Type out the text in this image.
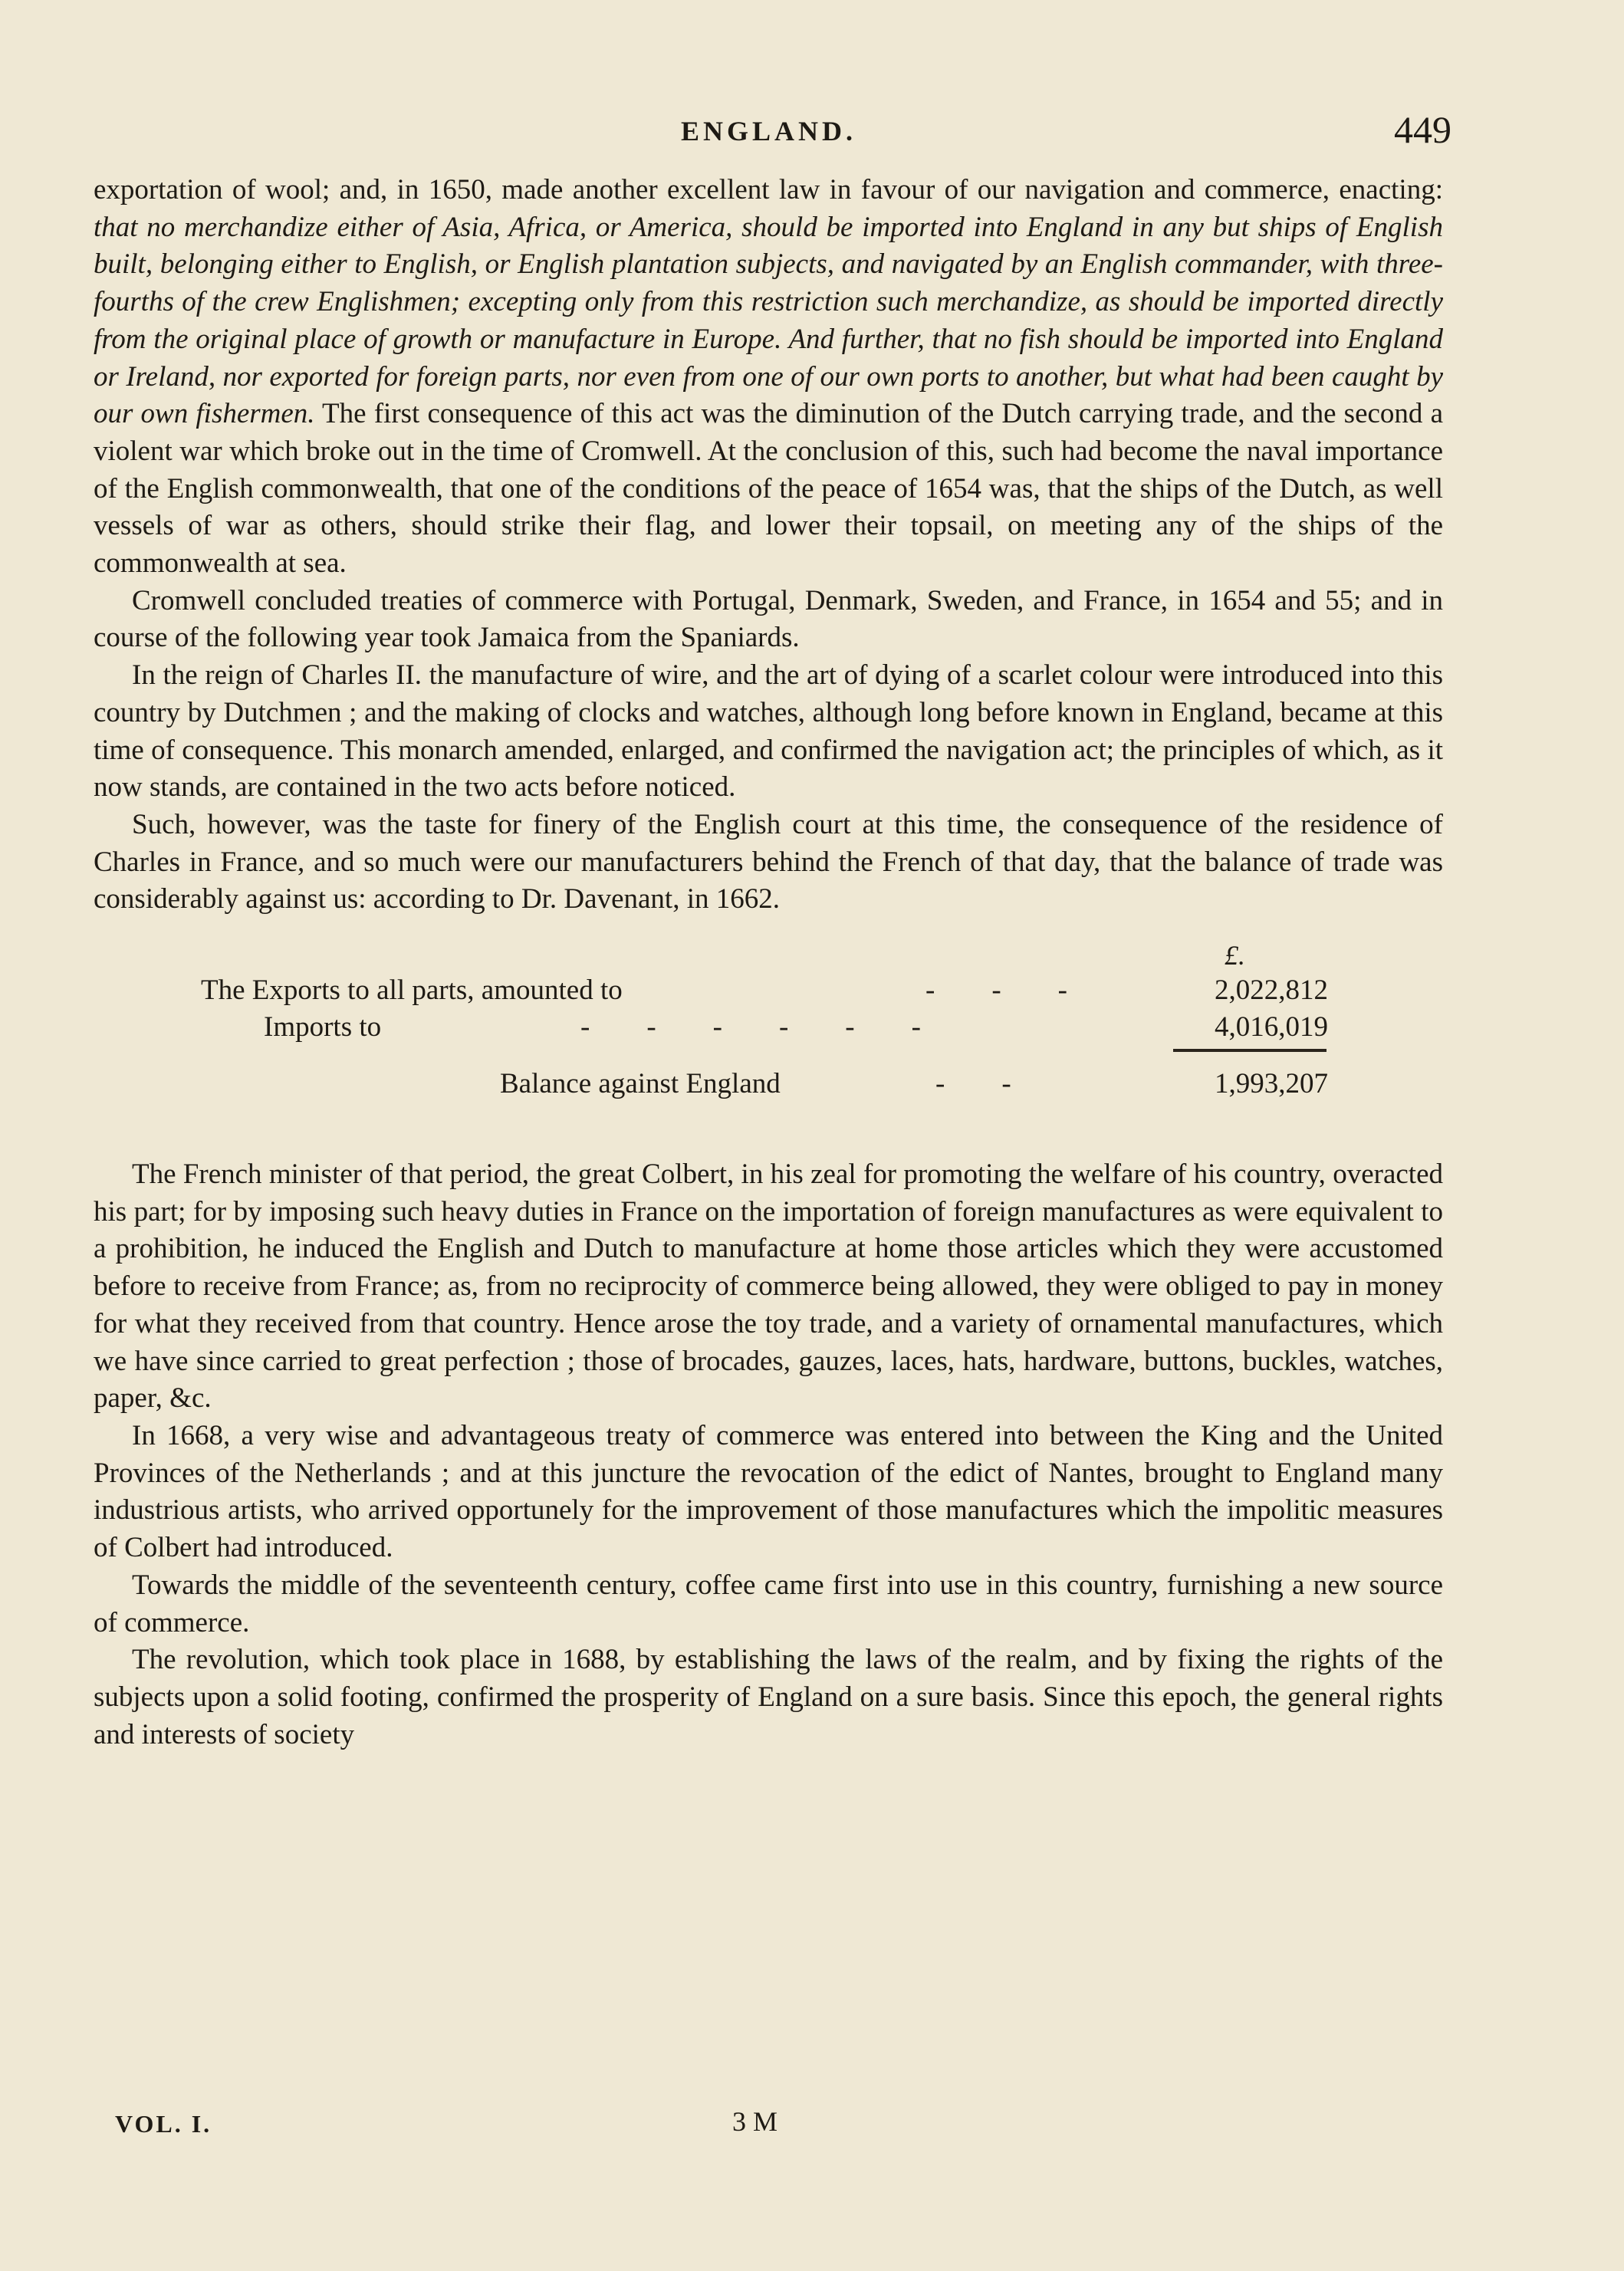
ENGLAND.	449

exportation of wool; and, in 1650, made another excellent law in favour of our navigation and commerce, enacting: that no merchandize either of Asia, Africa, or America, should be imported into England in any but ships of English built, belonging either to English, or English plantation subjects, and navigated by an English commander, with three-fourths of the crew Englishmen; excepting only from this restriction such merchandize, as should be imported directly from the original place of growth or manufacture in Europe. And further, that no fish should be imported into England or Ireland, nor exported for foreign parts, nor even from one of our own ports to another, but what had been caught by our own fishermen. The first consequence of this act was the diminution of the Dutch carrying trade, and the second a violent war which broke out in the time of Cromwell. At the conclusion of this, such had become the naval importance of the English commonwealth, that one of the conditions of the peace of 1654 was, that the ships of the Dutch, as well vessels of war as others, should strike their flag, and lower their topsail, on meeting any of the ships of the commonwealth at sea.

Cromwell concluded treaties of commerce with Portugal, Denmark, Sweden, and France, in 1654 and 55; and in course of the following year took Jamaica from the Spaniards.

In the reign of Charles II. the manufacture of wire, and the art of dying of a scarlet colour were introduced into this country by Dutchmen ; and the making of clocks and watches, although long before known in England, became at this time of consequence. This monarch amended, enlarged, and confirmed the navigation act; the principles of which, as it now stands, are contained in the two acts before noticed.

Such, however, was the taste for finery of the English court at this time, the consequence of the residence of Charles in France, and so much were our manufacturers behind the French of that day, that the balance of trade was considerably against us: according to Dr. Davenant, in 1662.

£.
The Exports to all parts, amounted to	-        -        -	2,022,812
Imports to	-        -        -        -        -        -	4,016,019
Balance against England	-        -	1,993,207

The French minister of that period, the great Colbert, in his zeal for promoting the welfare of his country, overacted his part; for by imposing such heavy duties in France on the importation of foreign manufactures as were equivalent to a prohibition, he induced the English and Dutch to manufacture at home those articles which they were accustomed before to receive from France; as, from no reciprocity of commerce being allowed, they were obliged to pay in money for what they received from that country. Hence arose the toy trade, and a variety of ornamental manufactures, which we have since carried to great perfection ; those of brocades, gauzes, laces, hats, hardware, buttons, buckles, watches, paper, &c.

In 1668, a very wise and advantageous treaty of commerce was entered into between the King and the United Provinces of the Netherlands ; and at this juncture the revocation of the edict of Nantes, brought to England many industrious artists, who arrived opportunely for the improvement of those manufactures which the impolitic measures of Colbert had introduced.

Towards the middle of the seventeenth century, coffee came first into use in this country, furnishing a new source of commerce.

The revolution, which took place in 1688, by establishing the laws of the realm, and by fixing the rights of the subjects upon a solid footing, confirmed the prosperity of England on a sure basis. Since this epoch, the general rights and interests of society

VOL. I.	3 M
